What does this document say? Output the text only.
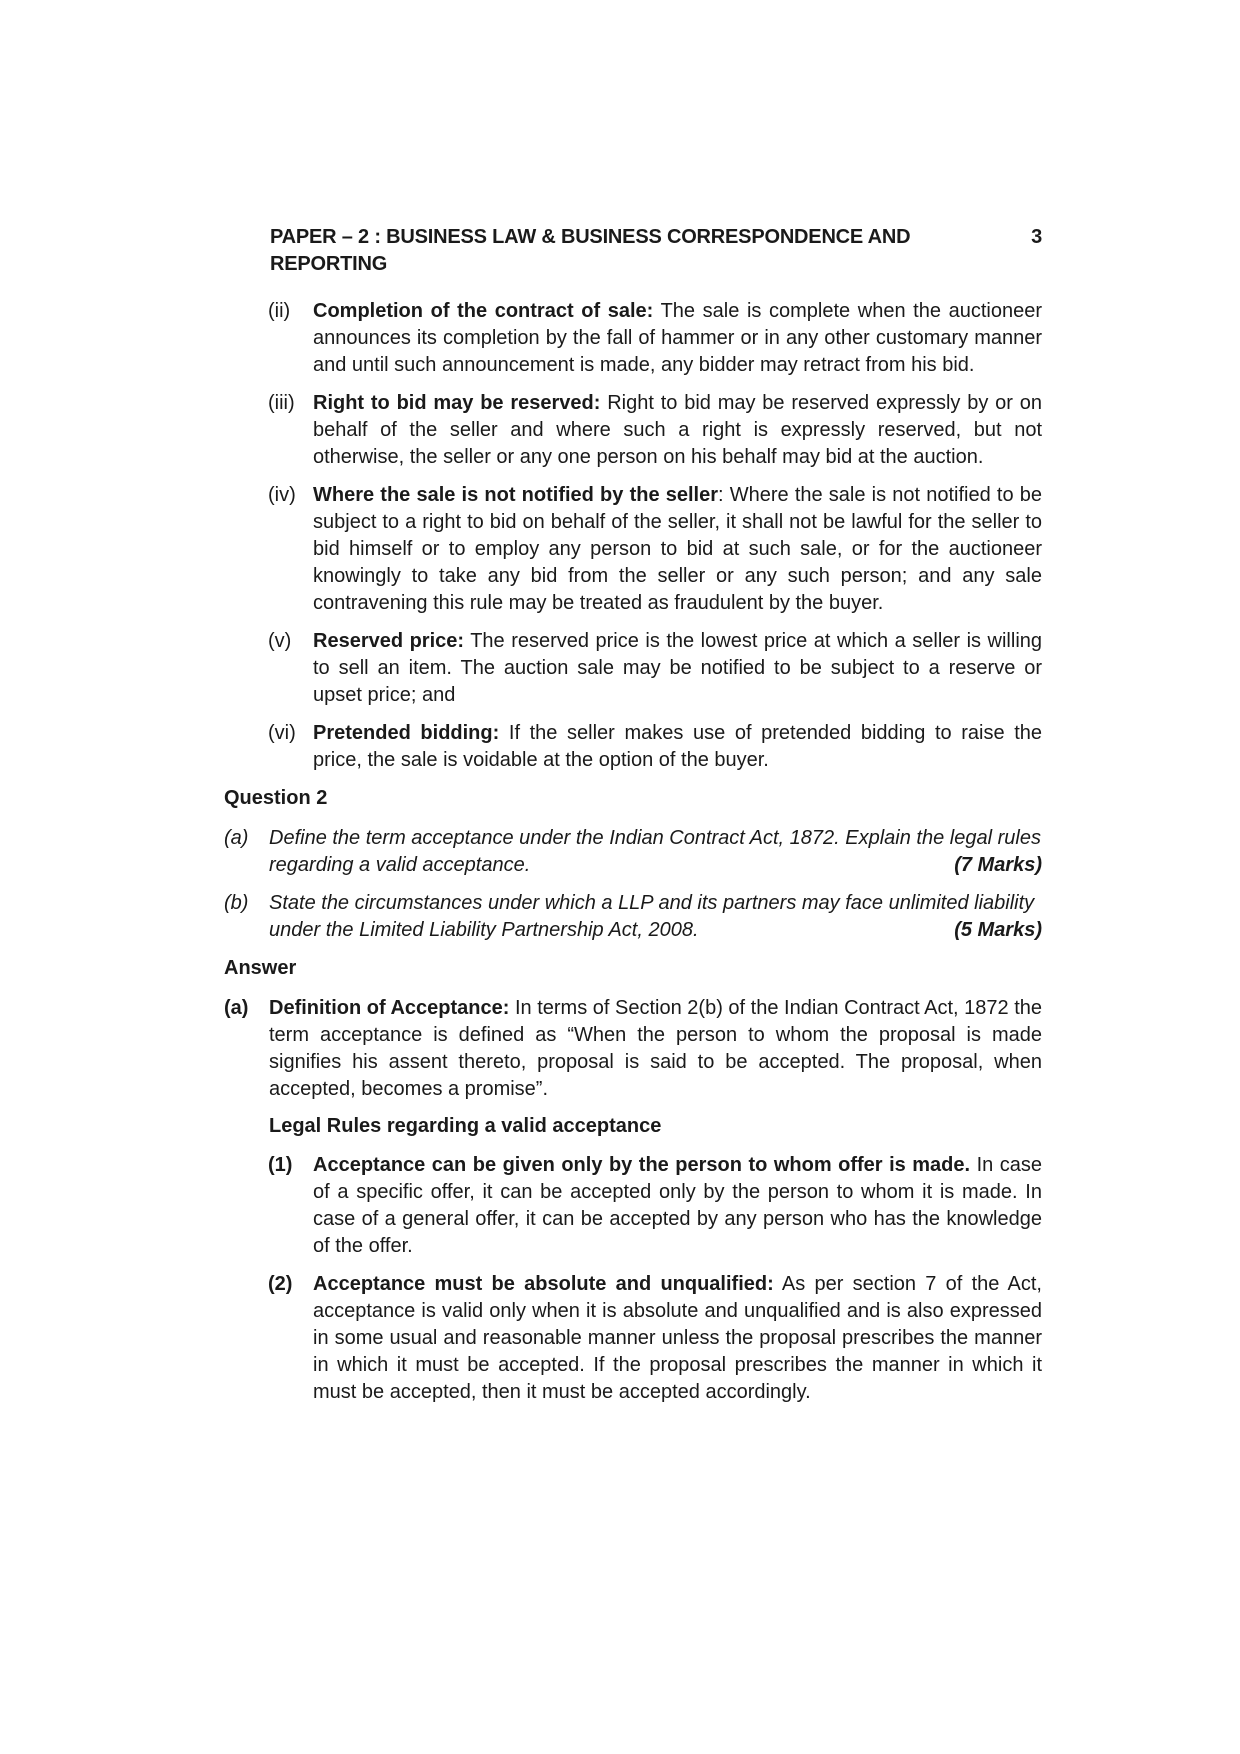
PAPER – 2 : BUSINESS LAW & BUSINESS CORRESPONDENCE AND REPORTING
3
(ii)	Completion of the contract of sale: The sale is complete when the auctioneer announces its completion by the fall of hammer or in any other customary manner and until such announcement is made, any bidder may retract from his bid.
(iii) Right to bid may be reserved: Right to bid may be reserved expressly by or on behalf of the seller and where such a right is expressly reserved, but not otherwise, the seller or any one person on his behalf may bid at the auction.
(iv) Where the sale is not notified by the seller: Where the sale is not notified to be subject to a right to bid on behalf of the seller, it shall not be lawful for the seller to bid himself or to employ any person to bid at such sale, or for the auctioneer knowingly to take any bid from the seller or any such person; and any sale contravening this rule may be treated as fraudulent by the buyer.
(v)	Reserved price: The reserved price is the lowest price at which a seller is willing to sell an item. The auction sale may be notified to be subject to a reserve or upset price; and
(vi) Pretended bidding: If the seller makes use of pretended bidding to raise the price, the sale is voidable at the option of the buyer.
Question 2
(a)	Define the term acceptance under the Indian Contract Act, 1872. Explain the legal rules
regarding a valid acceptance.	(7 Marks)
(b)	State the circumstances under which a LLP and its partners may face unlimited liability
under the Limited Liability Partnership Act, 2008.	(5 Marks)
Answer
(a)	Definition of Acceptance: In terms of Section 2(b) of the Indian Contract Act, 1872 the term acceptance is defined as “When the person to whom the proposal is made signifies his assent thereto, proposal is said to be accepted. The proposal, when accepted, becomes a promise”.
Legal Rules regarding a valid acceptance
(1)	Acceptance can be given only by the person to whom offer is made. In case of a specific offer, it can be accepted only by the person to whom it is made. In case of a general offer, it can be accepted by any person who has the knowledge of the offer.
(2)	Acceptance must be absolute and unqualified: As per section 7 of the Act, acceptance is valid only when it is absolute and unqualified and is also expressed in some usual and reasonable manner unless the proposal prescribes the manner in which it must be accepted. If the proposal prescribes the manner in which it must be accepted, then it must be accepted accordingly.
